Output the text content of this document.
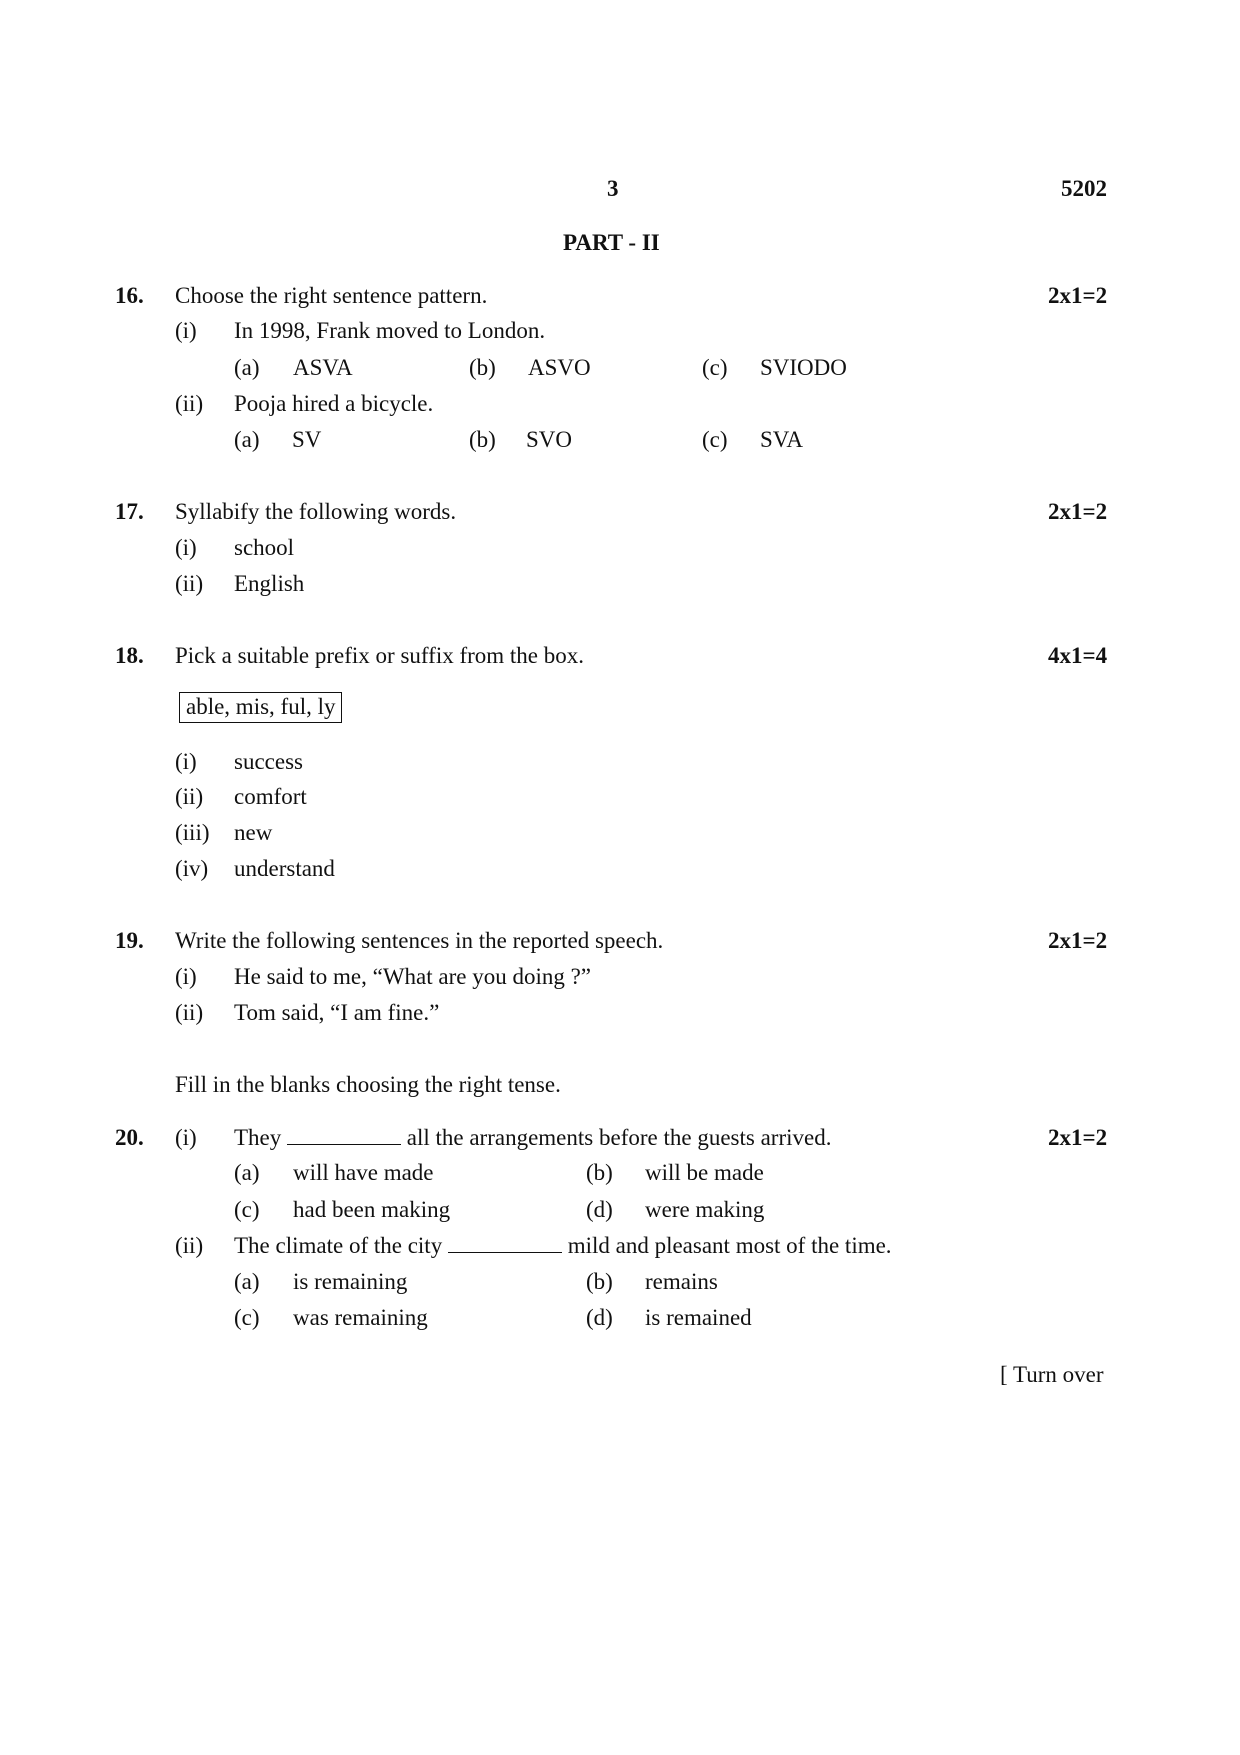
3	5202
PART - II
16. Choose the right sentence pattern.	2x1=2
(i) In 1998, Frank moved to London.
(a) ASVA	(b) ASVO	(c) SVIODO
(ii) Pooja hired a bicycle.
(a) SV	(b) SVO	(c) SVA
17. Syllabify the following words.	2x1=2
(i) school
(ii) English
18. Pick a suitable prefix or suffix from the box.	4x1=4
able, mis, ful, ly
(i) success
(ii) comfort
(iii) new
(iv) understand
19. Write the following sentences in the reported speech.	2x1=2
(i) He said to me, “What are you doing ?”
(ii) Tom said, “I am fine.”
Fill in the blanks choosing the right tense.
20.	2x1=2
(i) They	all the arrangements before the guests arrived.
(a) will have made	(b) will be made
(c) had been making	(d) were making
(ii) The climate of the city	mild and pleasant most of the time.
(a) is remaining	(b) remains
(c) was remaining	(d) is remained
[ Turn over
